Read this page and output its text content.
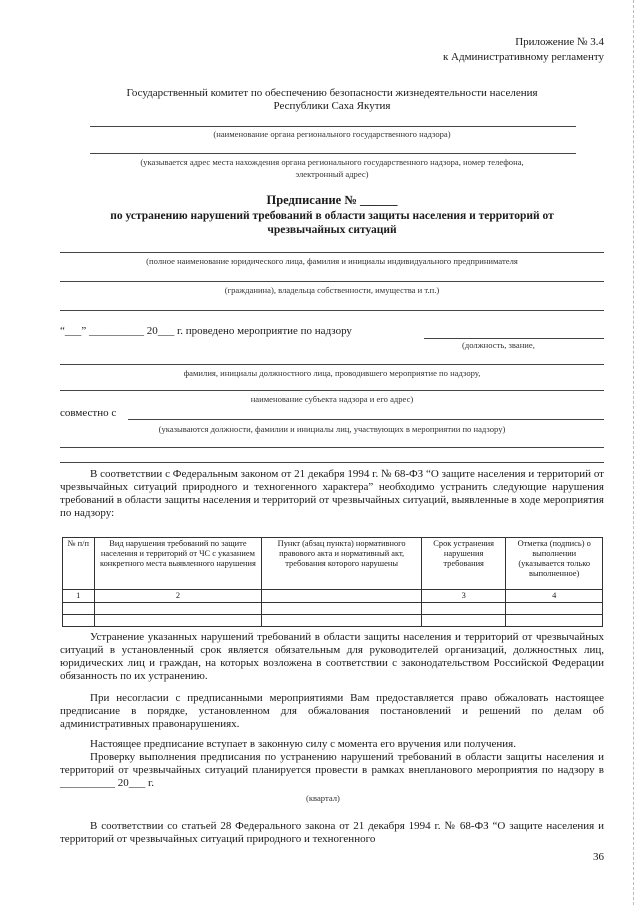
Приложение № 3.4
к Административному регламенту
Государственный комитет по обеспечению безопасности жизнедеятельности населения
Республики Саха Якутия
(наименование органа регионального государственного надзора)
(указывается адрес места нахождения органа регионального государственного надзора, номер телефона,
электронный адрес)
Предписание № ______
по устранению нарушений требований в области защиты населения и территорий от
чрезвычайных ситуаций
(полное наименование юридического лица, фамилия и инициалы индивидуального предпринимателя
(гражданина), владельца собственности, имущества и т.п.)
“___” __________ 20___ г. проведено мероприятие по надзору
(должность, звание,
фамилия, инициалы должностного лица, проводившего мероприятие по надзору,
наименование субъекта надзора и его адрес)
совместно с
(указываются должности, фамилии и инициалы лиц, участвующих в мероприятии по надзору)
В соответствии с Федеральным законом от 21 декабря 1994 г. № 68-ФЗ “О защите населения и территорий от чрезвычайных ситуаций природного и техногенного характера” необходимо устранить следующие нарушения требований в области защиты населения и территорий от чрезвычайных ситуаций, выявленные в ходе мероприятия по надзору:
№ п/п	Вид нарушения требований по защите населения и территорий от ЧС с указанием конкретного места выявленного нарушения	Пункт (абзац пункта) нормативного правового акта и нормативный акт, требования которого нарушены	Срок устранения нарушения требования	Отметка (подпись) о выполнении (указывается только выполненное)
1	2		3	4

Устранение указанных нарушений требований в области защиты населения и территорий от чрезвычайных ситуаций в установленный срок является обязательным для руководителей организаций, должностных лиц, юридических лиц и граждан, на которых возложена в соответствии с законодательством Российской Федерации обязанность по их устранению.
При несогласии с предписанными мероприятиями Вам предоставляется право обжаловать настоящее предписание в порядке, установленном для обжалования постановлений и решений по делам об административных правонарушениях.
Настоящее предписание вступает в законную силу с момента его вручения или получения.
Проверку выполнения предписания по устранению нарушений требований в области защиты населения и территорий от чрезвычайных ситуаций планируется провести в рамках внепланового мероприятия по надзору в __________ 20___ г.
(квартал)
В соответствии со статьей 28 Федерального закона от 21 декабря 1994 г. № 68-ФЗ “О защите населения и территорий от чрезвычайных ситуаций природного и техногенного
36
